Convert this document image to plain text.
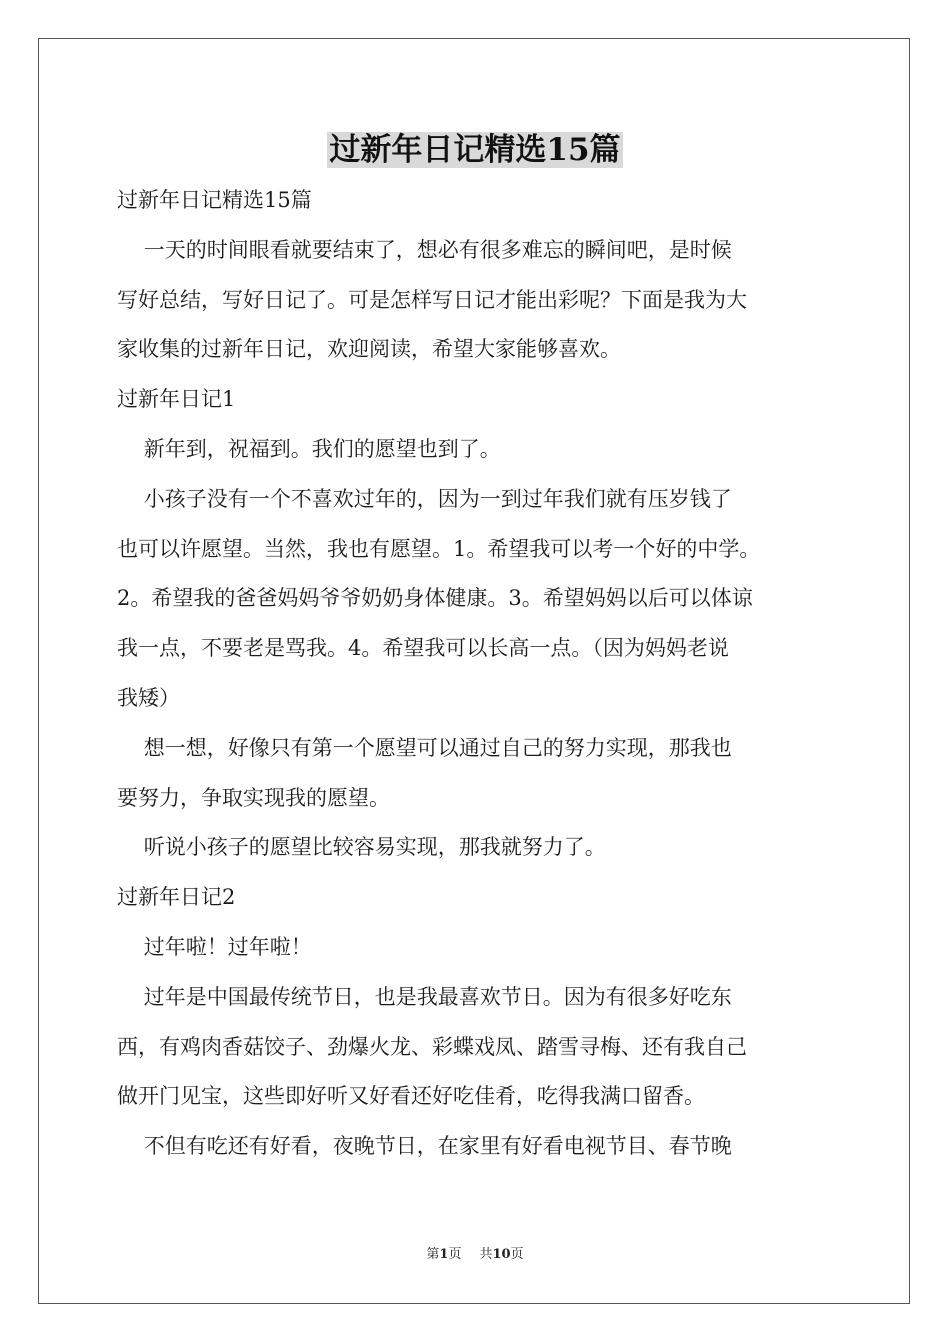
过新年日记精选15篇
过新年日记精选15篇
一天的时间眼看就要结束了，想必有很多难忘的瞬间吧，是时候
写好总结，写好日记了。可是怎样写日记才能出彩呢？下面是我为大
家收集的过新年日记，欢迎阅读，希望大家能够喜欢。
过新年日记1
新年到，祝福到。我们的愿望也到了。
小孩子没有一个不喜欢过年的，因为一到过年我们就有压岁钱了
也可以许愿望。当然，我也有愿望。1。希望我可以考一个好的中学。
2。希望我的爸爸妈妈爷爷奶奶身体健康。3。希望妈妈以后可以体谅
我一点，不要老是骂我。4。希望我可以长高一点。（因为妈妈老说
我矮）
想一想，好像只有第一个愿望可以通过自己的努力实现，那我也
要努力，争取实现我的愿望。
听说小孩子的愿望比较容易实现，那我就努力了。
过新年日记2
过年啦！过年啦！
过年是中国最传统节日，也是我最喜欢节日。因为有很多好吃东
西，有鸡肉香菇饺子、劲爆火龙、彩蝶戏凤、踏雪寻梅、还有我自己
做开门见宝，这些即好听又好看还好吃佳肴，吃得我满口留香。
不但有吃还有好看，夜晚节日，在家里有好看电视节目、春节晚
第1页 共10页
